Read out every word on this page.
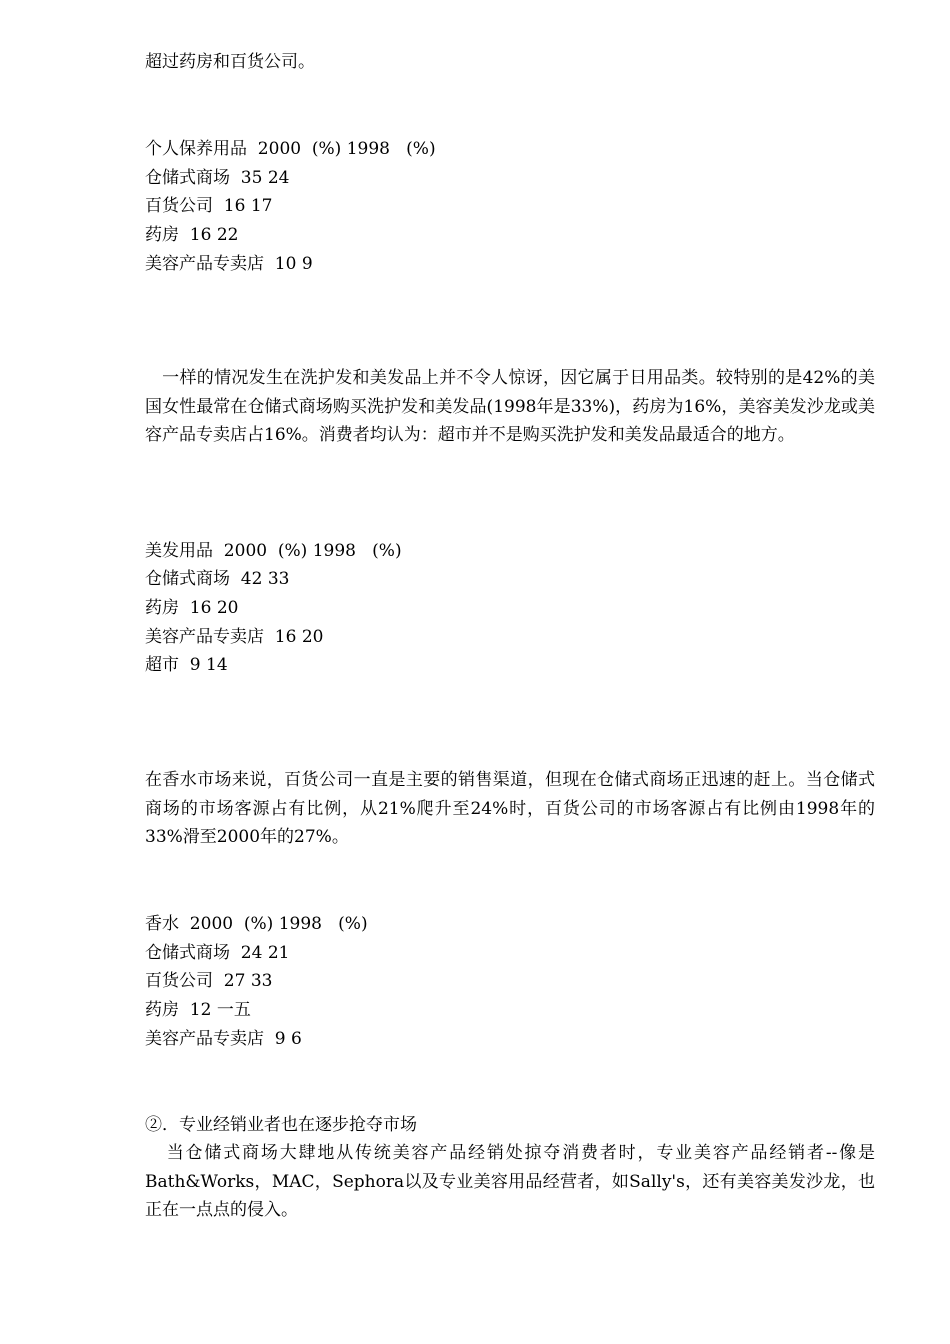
超过药房和百货公司。
个人保养用品  2000  (%) 1998   (%)
仓储式商场  35 24
百货公司  16 17
药房  16 22
美容产品专卖店  10 9
一样的情况发生在洗护发和美发品上并不令人惊讶，因它属于日用品类。较特别的是42%的美国女性最常在仓储式商场购买洗护发和美发品(1998年是33%)，药房为16%，美容美发沙龙或美容产品专卖店占16%。消费者均认为：超市并不是购买洗护发和美发品最适合的地方。
美发用品  2000  (%) 1998   (%)
仓储式商场  42 33
药房  16 20
美容产品专卖店  16 20
超市  9 14
在香水市场来说，百货公司一直是主要的销售渠道，但现在仓储式商场正迅速的赶上。当仓储式商场的市场客源占有比例，从21%爬升至24%时，百货公司的市场客源占有比例由1998年的33%滑至2000年的27%。
香水  2000  (%) 1998   (%)
仓储式商场  24 21
百货公司  27 33
药房  12 一五
美容产品专卖店  9 6
②．专业经销业者也在逐步抢夺市场
当仓储式商场大肆地从传统美容产品经销处掠夺消费者时，专业美容产品经销者--像是Bath&Works，MAC，Sephora以及专业美容用品经营者，如Sally's，还有美容美发沙龙，也正在一点点的侵入。
